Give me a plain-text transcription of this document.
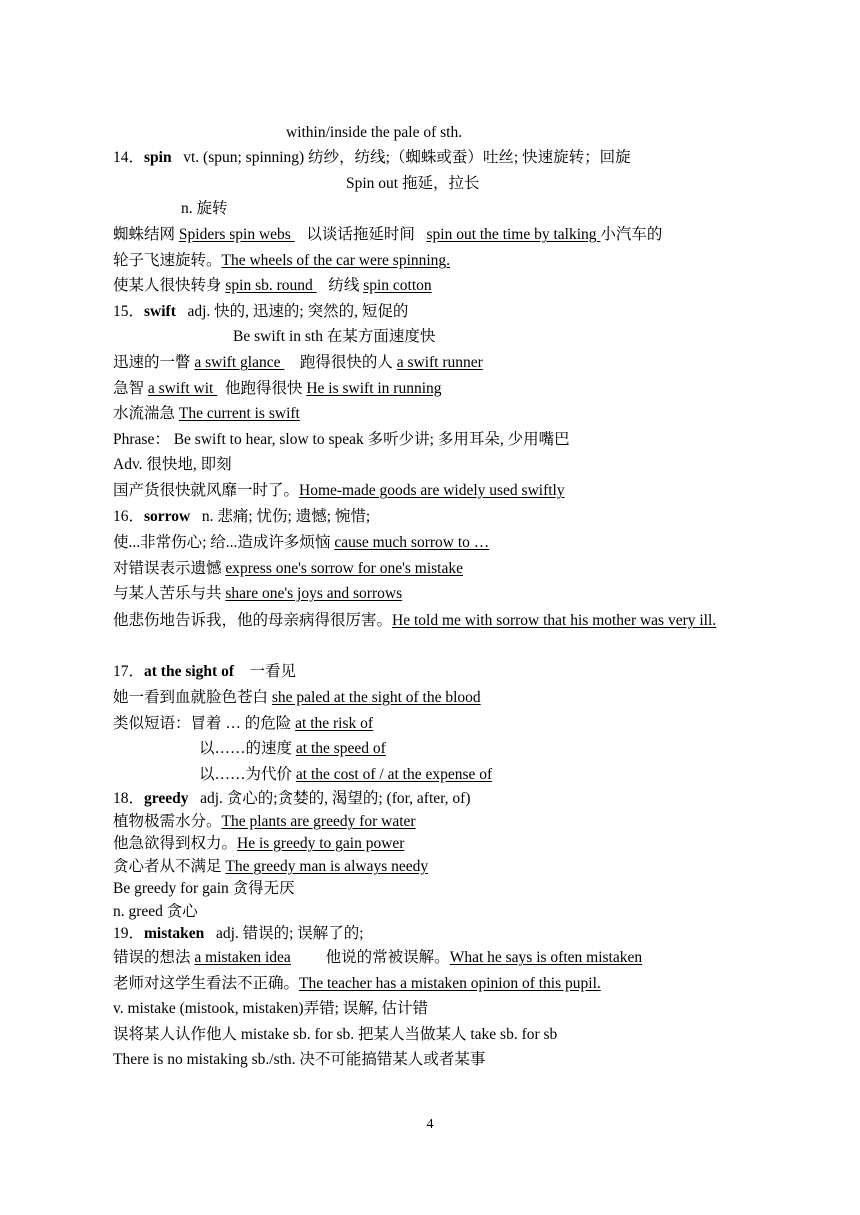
within/inside the pale of sth.
14．spin vt. (spun; spinning) 纺纱，纺线;（蜘蛛或蚕）吐丝; 快速旋转；回旋
Spin out 拖延，拉长
n. 旋转
蜘蛛结网 Spiders spin webs    以谈话拖延时间   spin out the time by talking 小汽车的
轮子飞速旋转。The wheels of the car were spinning.
使某人很快转身 spin sb. round    纺线 spin cotton
15．swift adj. 快的, 迅速的; 突然的, 短促的
Be swift in sth 在某方面速度快
迅速的一瞥 a swift glance     跑得很快的人 a swift runner
急智 a swift wit   他跑得很快 He is swift in running
水流湍急 The current is swift
Phrase： Be swift to hear, slow to speak 多听少讲; 多用耳朵, 少用嘴巴
Adv. 很快地, 即刻
国产货很快就风靡一时了。Home-made goods are widely used swiftly
16．sorrow n. 悲痛; 忧伤; 遗憾; 惋惜;
使...非常伤心; 给...造成许多烦恼 cause much sorrow to …
对错误表示遗憾 express one's sorrow for one's mistake
与某人苦乐与共 share one's joys and sorrows
他悲伤地告诉我，他的母亲病得很厉害。He told me with sorrow that his mother was very ill.
17．at the sight of 一看见
她一看到血就脸色苍白 she paled at the sight of the blood
类似短语：冒着 … 的危险 at the risk of
以……的速度 at the speed of
以……为代价 at the cost of / at the expense of
18．greedy adj. 贪心的;贪婪的, 渴望的; (for, after, of)
植物极需水分。The plants are greedy for water
他急欲得到权力。He is greedy to gain power
贪心者从不满足 The greedy man is always needy
Be greedy for gain 贪得无厌
n. greed 贪心
19．mistaken adj. 错误的; 误解了的;
错误的想法 a mistaken idea 他说的常被误解。What he says is often mistaken
老师对这学生看法不正确。The teacher has a mistaken opinion of this pupil.
v. mistake (mistook, mistaken)弄错; 误解, 估计错
误将某人认作他人 mistake sb. for sb. 把某人当做某人 take sb. for sb
There is no mistaking sb./sth. 决不可能搞错某人或者某事
4
